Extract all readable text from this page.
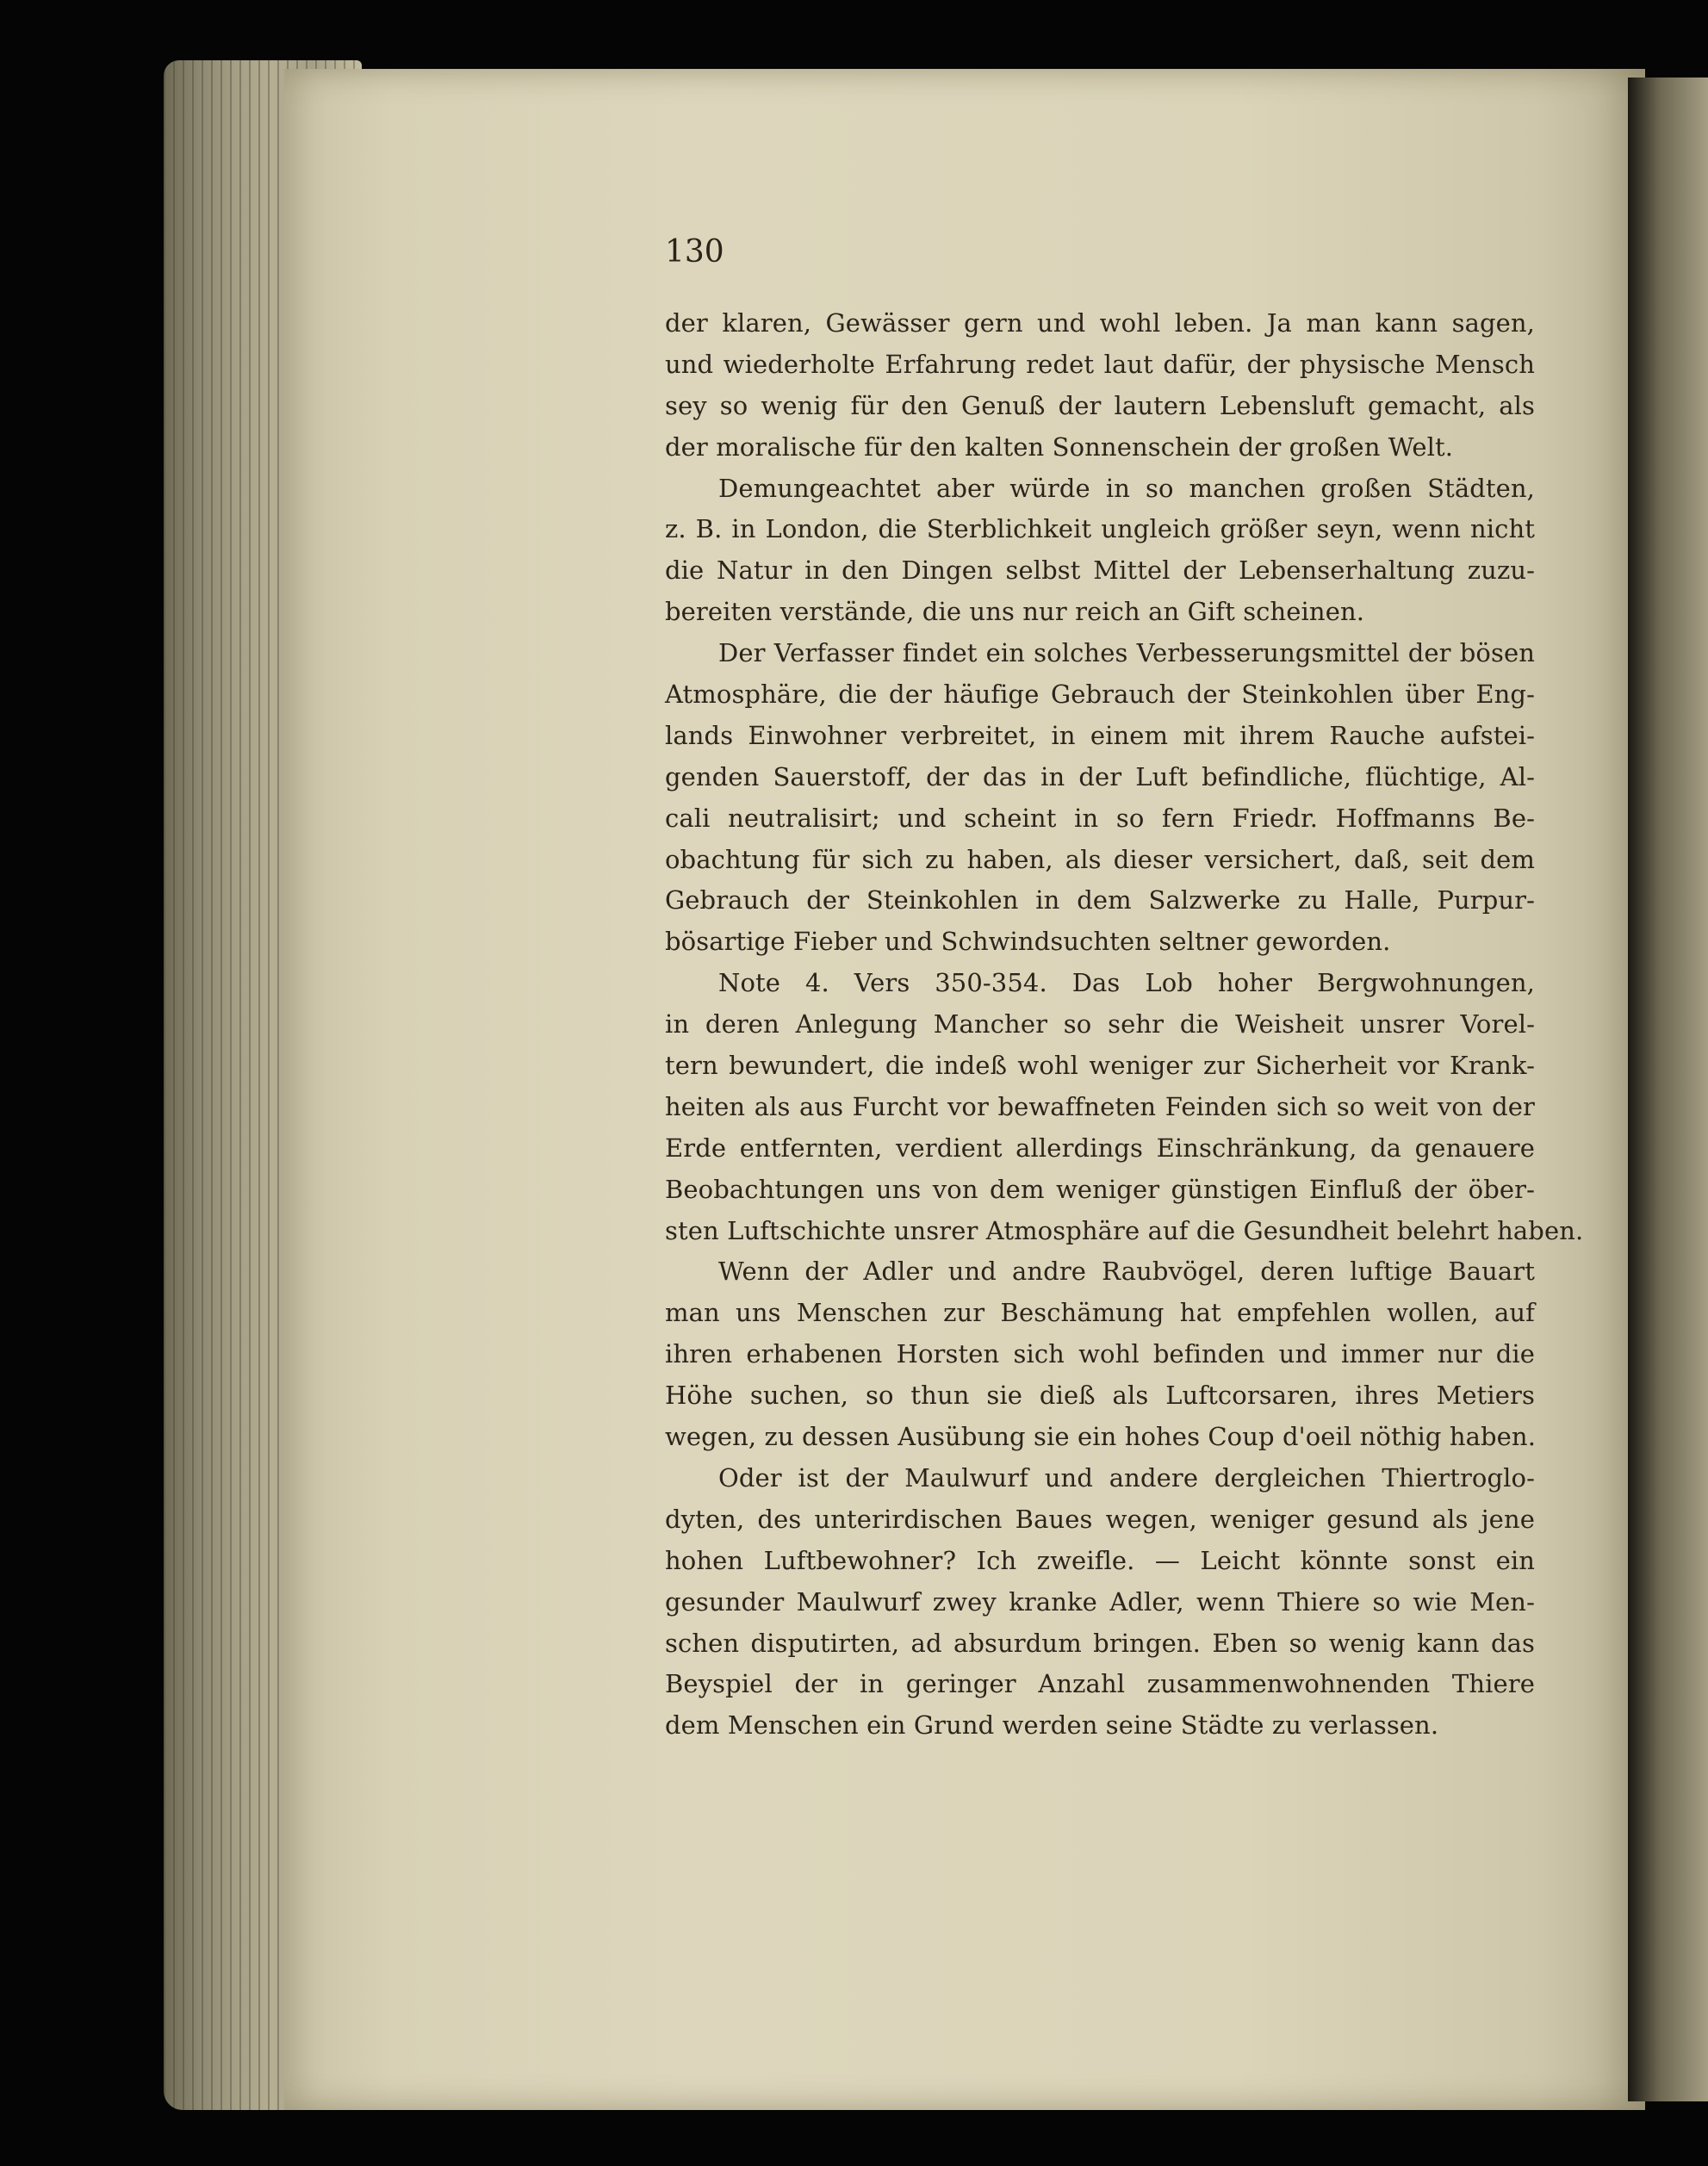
130
der klaren, Gewässer gern und wohl leben. Ja man kann sagen,
und wiederholte Erfahrung redet laut dafür, der physische Mensch
sey so wenig für den Genuß der lautern Lebensluft gemacht, als
der moralische für den kalten Sonnenschein der großen Welt.
Demungeachtet aber würde in so manchen großen Städten,
z. B. in London, die Sterblichkeit ungleich größer seyn, wenn nicht
die Natur in den Dingen selbst Mittel der Lebenserhaltung zuzu-
bereiten verstände, die uns nur reich an Gift scheinen.
Der Verfasser findet ein solches Verbesserungsmittel der bösen
Atmosphäre, die der häufige Gebrauch der Steinkohlen über Eng-
lands Einwohner verbreitet, in einem mit ihrem Rauche aufstei-
genden Sauerstoff, der das in der Luft befindliche, flüchtige, Al-
cali neutralisirt; und scheint in so fern Friedr. Hoffmanns Be-
obachtung für sich zu haben, als dieser versichert, daß, seit dem
Gebrauch der Steinkohlen in dem Salzwerke zu Halle, Purpur-
bösartige Fieber und Schwindsuchten seltner geworden.
Note 4. Vers 350-354. Das Lob hoher Bergwohnungen,
in deren Anlegung Mancher so sehr die Weisheit unsrer Vorel-
tern bewundert, die indeß wohl weniger zur Sicherheit vor Krank-
heiten als aus Furcht vor bewaffneten Feinden sich so weit von der
Erde entfernten, verdient allerdings Einschränkung, da genauere
Beobachtungen uns von dem weniger günstigen Einfluß der öber-
sten Luftschichte unsrer Atmosphäre auf die Gesundheit belehrt haben.
Wenn der Adler und andre Raubvögel, deren luftige Bauart
man uns Menschen zur Beschämung hat empfehlen wollen, auf
ihren erhabenen Horsten sich wohl befinden und immer nur die
Höhe suchen, so thun sie dieß als Luftcorsaren, ihres Metiers
wegen, zu dessen Ausübung sie ein hohes Coup d'oeil nöthig haben.
Oder ist der Maulwurf und andere dergleichen Thiertroglo-
dyten, des unterirdischen Baues wegen, weniger gesund als jene
hohen Luftbewohner? Ich zweifle. — Leicht könnte sonst ein
gesunder Maulwurf zwey kranke Adler, wenn Thiere so wie Men-
schen disputirten, ad absurdum bringen. Eben so wenig kann das
Beyspiel der in geringer Anzahl zusammenwohnenden Thiere
dem Menschen ein Grund werden seine Städte zu verlassen.
